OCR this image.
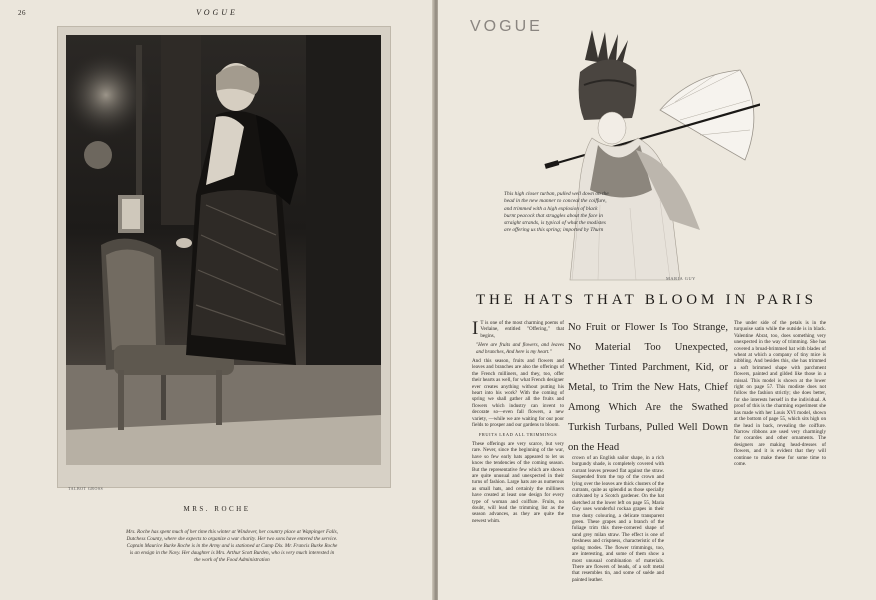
26	VOGUE
TALBOT GROSS
MRS. ROCHE
Mrs. Roche has spent much of her time this winter at Windover, her country place at Wappinger Falls, Dutchess County, where she expects to organize a war charity. Her two sons have entered the service. Captain Maurice Burke Roche is in the Army and is stationed at Camp Dix. Mr. Francis Burke Roche is an ensign in the Navy. Her daughter is Mrs. Arthur Scott Burden, who is very much interested in the work of the Food Administration
VOGUE
This high closer turban, pulled well down on the head in the new manner to conceal the coiffure, and trimmed with a high explosion of black burnt peacock that struggles about the face in straight strands, is typical of what the modistes are offering us this spring; imported by Thurn
MARIA GUY
THE HATS THAT BLOOM IN PARIS
I T is one of the most charming poems of Verlaine, entitled "Offering," that begins,
"Here are fruits and flowers, and leaves and branches, And here is my heart."
And this season, fruits and flowers and leaves and branches are also the offerings of the French milliners, and they, too, offer their hearts as well, for what French designer ever creates anything without putting his heart into his work? With the coming of spring we shall gather all the fruits and flowers which industry can invent to decorate so—even fall flowers, a new variety, —while we are waiting for our poor fields to prosper and our gardens to bloom.
FRUITS LEAD ALL TRIMMINGS
These offerings are very scarce, but very rare. Never, since the beginning of the war, have so few early hats appeared to let us know the tendencies of the coming season. But the representative few which are shown are quite unusual and unexpected in their turns of fashion. Large hats are as numerous as small hats, and certainly the milliners have created at least one design for every type of woman and coiffure. Fruits, no doubt, will lead the trimming list as the season advances, as they are quite the newest whim.
No Fruit or Flower Is Too Strange, No Material Too Unexpected, Whether Tinted Parchment, Kid, or Metal, to Trim the New Hats, Chief Among Which Are the Swathed Turkish Turbans, Pulled Well Down on the Head
crown of an English sailor shape, in a rich burgundy shade, is completely covered with currant leaves pressed flat against the straw. Suspended from the top of the crown and lying over the leaves are thick clusters of the currants, quite as splendid as those specially cultivated by a Scotch gardener. On the hat sketched at the lower left on page 55, Maria Guy uses wonderful rockaa grapes in their true dusty colouring, a delicate transparent green. These grapes and a branch of the foliage trim this three-cornered shape of sand grey milan straw. The effect is one of freshness and crispness, characteristic of the spring modes. The flower trimmings, too, are interesting, and some of them show a most unusual combination of materials. There are flowers of beads, of a soft metal that resembles tin, and some of suède and painted leather.
The under side of the petals is in the turquoise satin while the outside is in black. Valentine Abrat, too, does something very unexpected in the way of trimming. She has covered a broad-brimmed hat with blades of wheat at which a company of tiny mice is nibbling. And besides this, she has trimmed a soft brimmed shape with parchment flowers, painted and gilded like those in a missal. This model is shown at the lower right on page 57. This modiste does not follow the fashion strictly; she does better, for she interests herself in the individual. A proof of this is the charming experiment she has made with her Louis XVI model, shown at the bottom of page 55, which sits high on the head in back, revealing the coiffure. Narrow ribbons are used very charmingly for cocardes and other ornaments. The designers are making head-dresses of flowers, and it is evident that they will continue to make these for some time to come.
